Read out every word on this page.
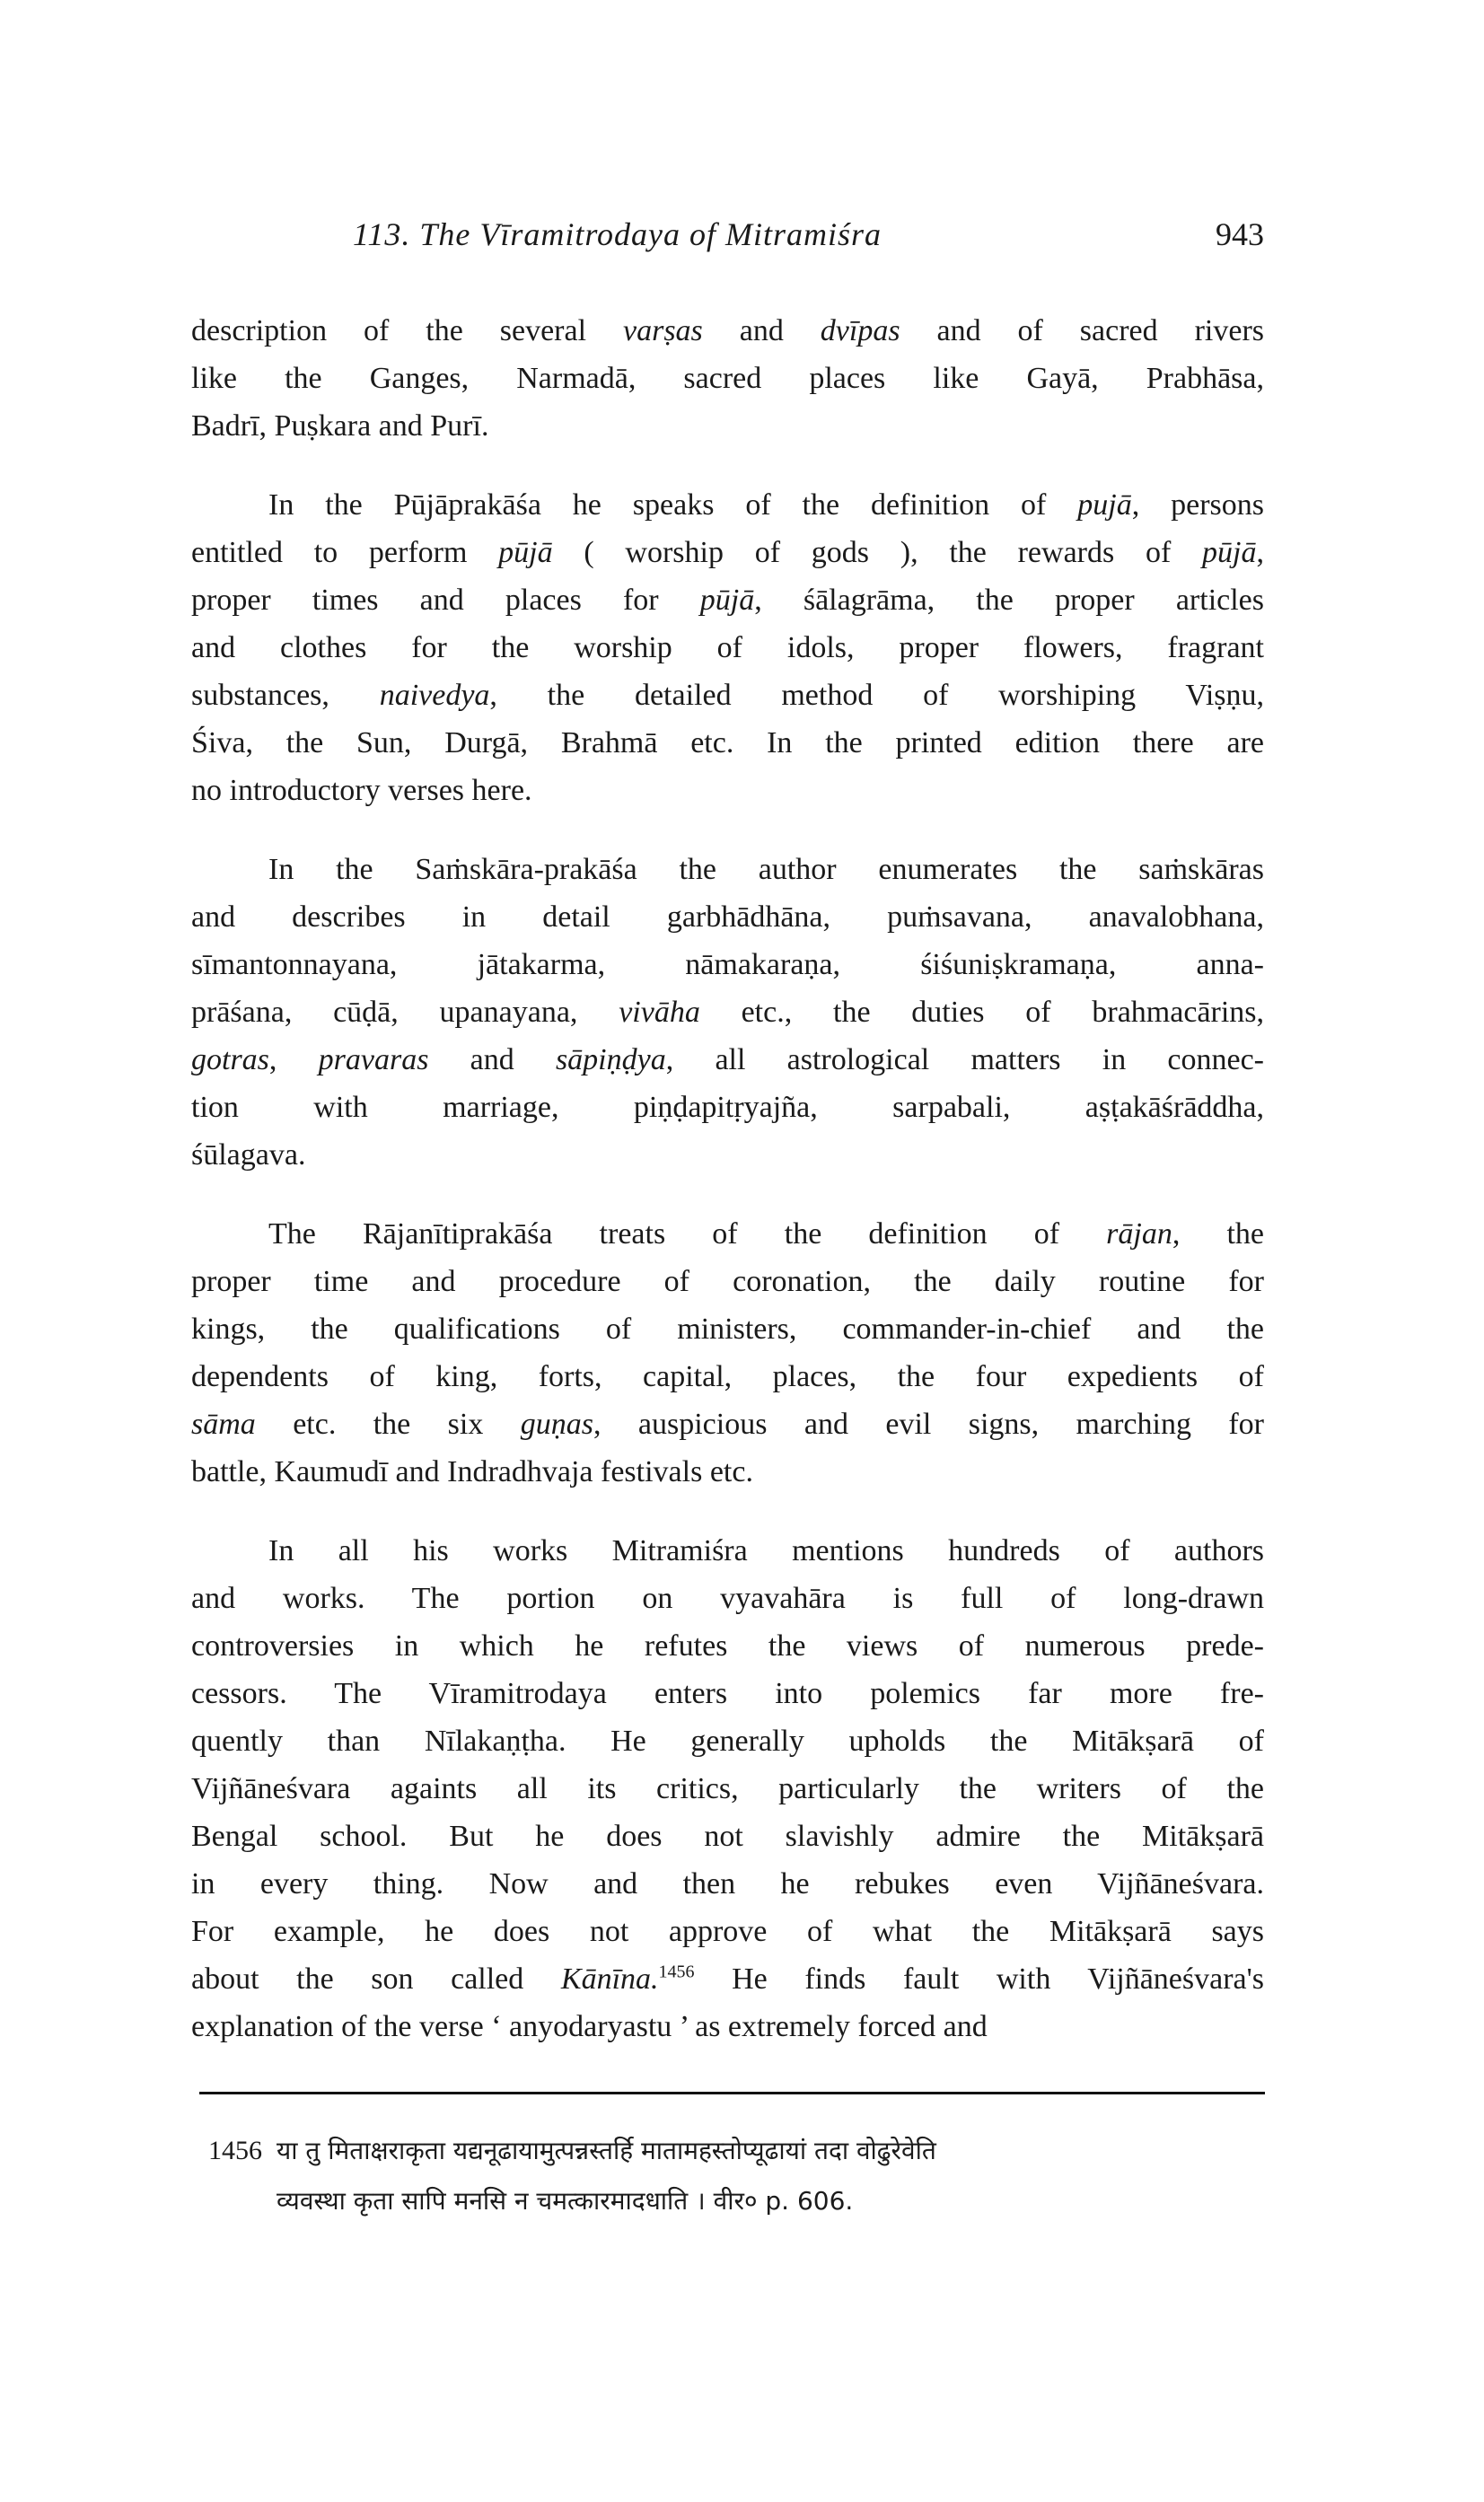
113. The Vīramitrodaya of Mitramiśra	943
description of the several varṣas and dvīpas and of sacred rivers
like the Ganges, Narmadā, sacred places like Gayā, Prabhāsa,
Badrī, Puṣkara and Purī.
In the Pūjāprakāśa he speaks of the definition of pujā, persons
entitled to perform pūjā ( worship of gods ), the rewards of pūjā,
proper times and places for pūjā, śālagrāma, the proper articles
and clothes for the worship of idols, proper flowers, fragrant
substances, naivedya, the detailed method of worshiping Viṣṇu,
Śiva, the Sun, Durgā, Brahmā etc. In the printed edition there are
no introductory verses here.
In the Saṁskāra-prakāśa the author enumerates the saṁskāras
and describes in detail garbhādhāna, puṁsavana, anavalobhana,
sīmantonnayana, jātakarma, nāmakaraṇa, śiśuniṣkramaṇa, anna-
prāśana, cūḍā, upanayana, vivāha etc., the duties of brahmacārins,
gotras, pravaras and sāpiṇḍya, all astrological matters in connec-
tion with marriage, piṇḍapitṛyajña, sarpabali, aṣṭakāśrāddha,
śūlagava.
The Rājanītiprakāśa treats of the definition of rājan, the
proper time and procedure of coronation, the daily routine for
kings, the qualifications of ministers, commander-in-chief and the
dependents of king, forts, capital, places, the four expedients of
sāma etc. the six guṇas, auspicious and evil signs, marching for
battle, Kaumudī and Indradhvaja festivals etc.
In all his works Mitramiśra mentions hundreds of authors
and works. The portion on vyavahāra is full of long-drawn
controversies in which he refutes the views of numerous prede-
cessors. The Vīramitrodaya enters into polemics far more fre-
quently than Nīlakaṇṭha. He generally upholds the Mitākṣarā of
Vijñāneśvara againts all its critics, particularly the writers of the
Bengal school. But he does not slavishly admire the Mitākṣarā
in every thing. Now and then he rebukes even Vijñāneśvara.
For example, he does not approve of what the Mitākṣarā says
about the son called Kānīna.$^{1456}$ He finds fault with Vijñāneśvara's
explanation of the verse ‘ anyodaryastu ’ as extremely forced and
1456 या तु मिताक्षराकृता यद्यनूढायामुत्पन्नस्तर्हि मातामहस्तोप्यूढायां तदा वोढुरेवेति
व्यवस्था कृता सापि मनसि न चमत्कारमादधाति । वीर० p. 606.
